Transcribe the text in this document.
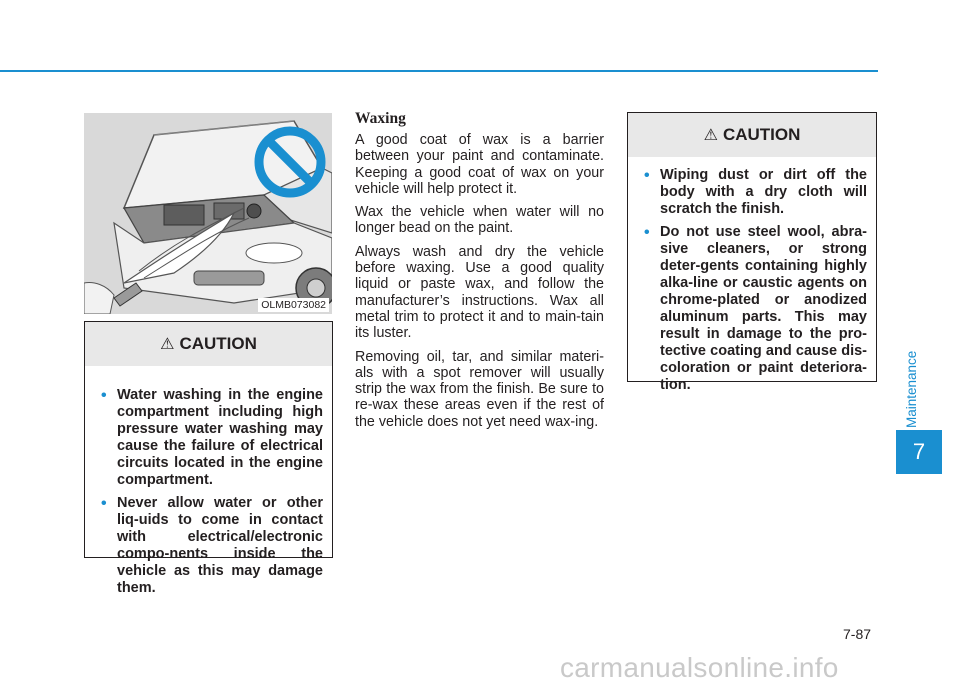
OLMB073082
⚠ CAUTION
• Water washing in the engine compartment including high pressure water washing may cause the failure of electrical circuits located in the engine compartment.
• Never allow water or other liq-uids to come in contact with electrical/electronic compo-nents inside the vehicle as this may damage them.
Waxing

A good coat of wax is a barrier between your paint and contaminate. Keeping a good coat of wax on your vehicle will help protect it.

Wax the vehicle when water will no longer bead on the paint.

Always wash and dry the vehicle before waxing. Use a good quality liquid or paste wax, and follow the manufacturer’s instructions. Wax all metal trim to protect it and to main-tain its luster.

Removing oil, tar, and similar materi-als with a spot remover will usually strip the wax from the finish. Be sure to re-wax these areas even if the rest of the vehicle does not yet need wax-ing.

⚠ CAUTION
• Wiping dust or dirt off the body with a dry cloth will scratch the finish.
• Do not use steel wool, abra-sive cleaners, or strong deter-gents containing highly alka-line or caustic agents on chrome-plated or anodized aluminum parts. This may result in damage to the pro-tective coating and cause dis-coloration or paint deteriora-tion.	Maintenance
7
7-87
carmanualsonline.info
